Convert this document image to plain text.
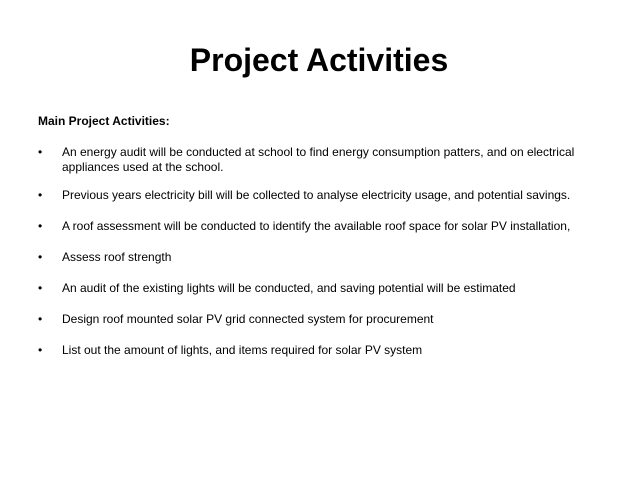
Project Activities

Main Project Activities:

•	An energy audit will be conducted at school to find energy consumption patters, and on electrical appliances used at the school.
•	Previous years electricity bill will be collected to analyse electricity usage, and potential savings.
•	A roof assessment will be conducted to identify the available roof space for solar PV installation,
•	Assess roof strength
•	An audit of the existing lights will be conducted, and saving potential will be estimated
•	Design roof mounted solar PV grid connected system for procurement
•	List out the amount of lights, and items required for solar PV system
